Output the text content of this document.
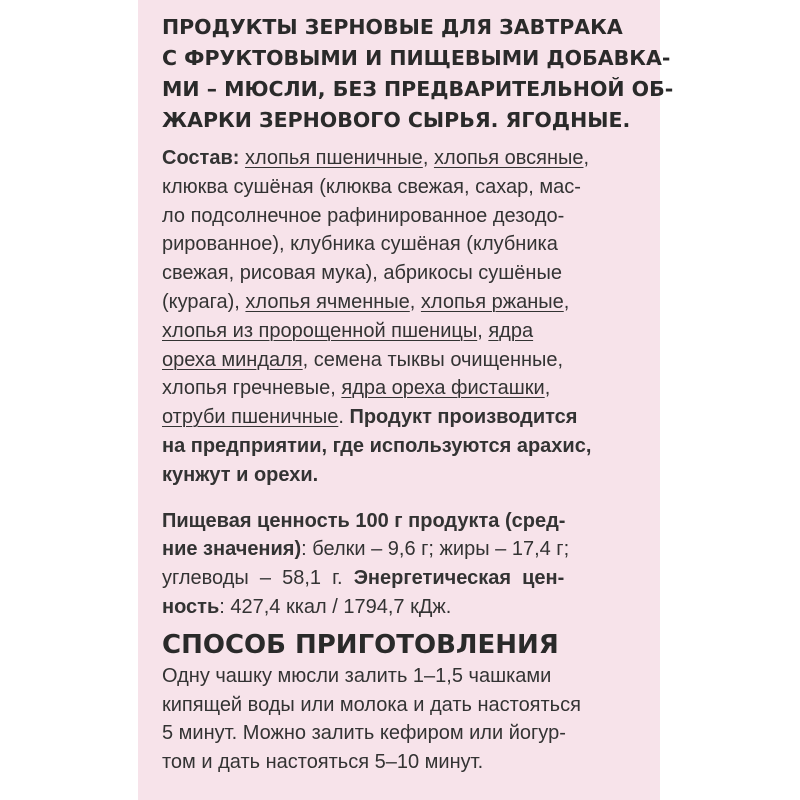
ПРОДУКТЫ ЗЕРНОВЫЕ ДЛЯ ЗАВТРАКА
С ФРУКТОВЫМИ И ПИЩЕВЫМИ ДОБАВКА-
МИ – МЮСЛИ, БЕЗ ПРЕДВАРИТЕЛЬНОЙ ОБ-
ЖАРКИ ЗЕРНОВОГО СЫРЬЯ. ЯГОДНЫЕ.

Состав: хлопья пшеничные, хлопья овсяные,
клюква сушёная (клюква свежая, сахар, мас-
ло подсолнечное рафинированное дезодо-
рированное), клубника сушёная (клубника
свежая, рисовая мука), абрикосы сушёные
(курага), хлопья ячменные, хлопья ржаные,
хлопья из пророщенной пшеницы, ядра
ореха миндаля, семена тыквы очищенные,
хлопья гречневые, ядра ореха фисташки,
отруби пшеничные. Продукт производится
на предприятии, где используются арахис,
кунжут и орехи.

Пищевая ценность 100 г продукта (сред-
ние значения): белки – 9,6 г; жиры – 17,4 г;
углеводы  –  58,1  г.  Энергетическая  цен-
ность: 427,4 ккал / 1794,7 кДж.

СПОСОБ ПРИГОТОВЛЕНИЯ

Одну чашку мюсли залить 1–1,5 чашками
кипящей воды или молока и дать настояться
5 минут. Можно залить кефиром или йогур-
том и дать настояться 5–10 минут.
